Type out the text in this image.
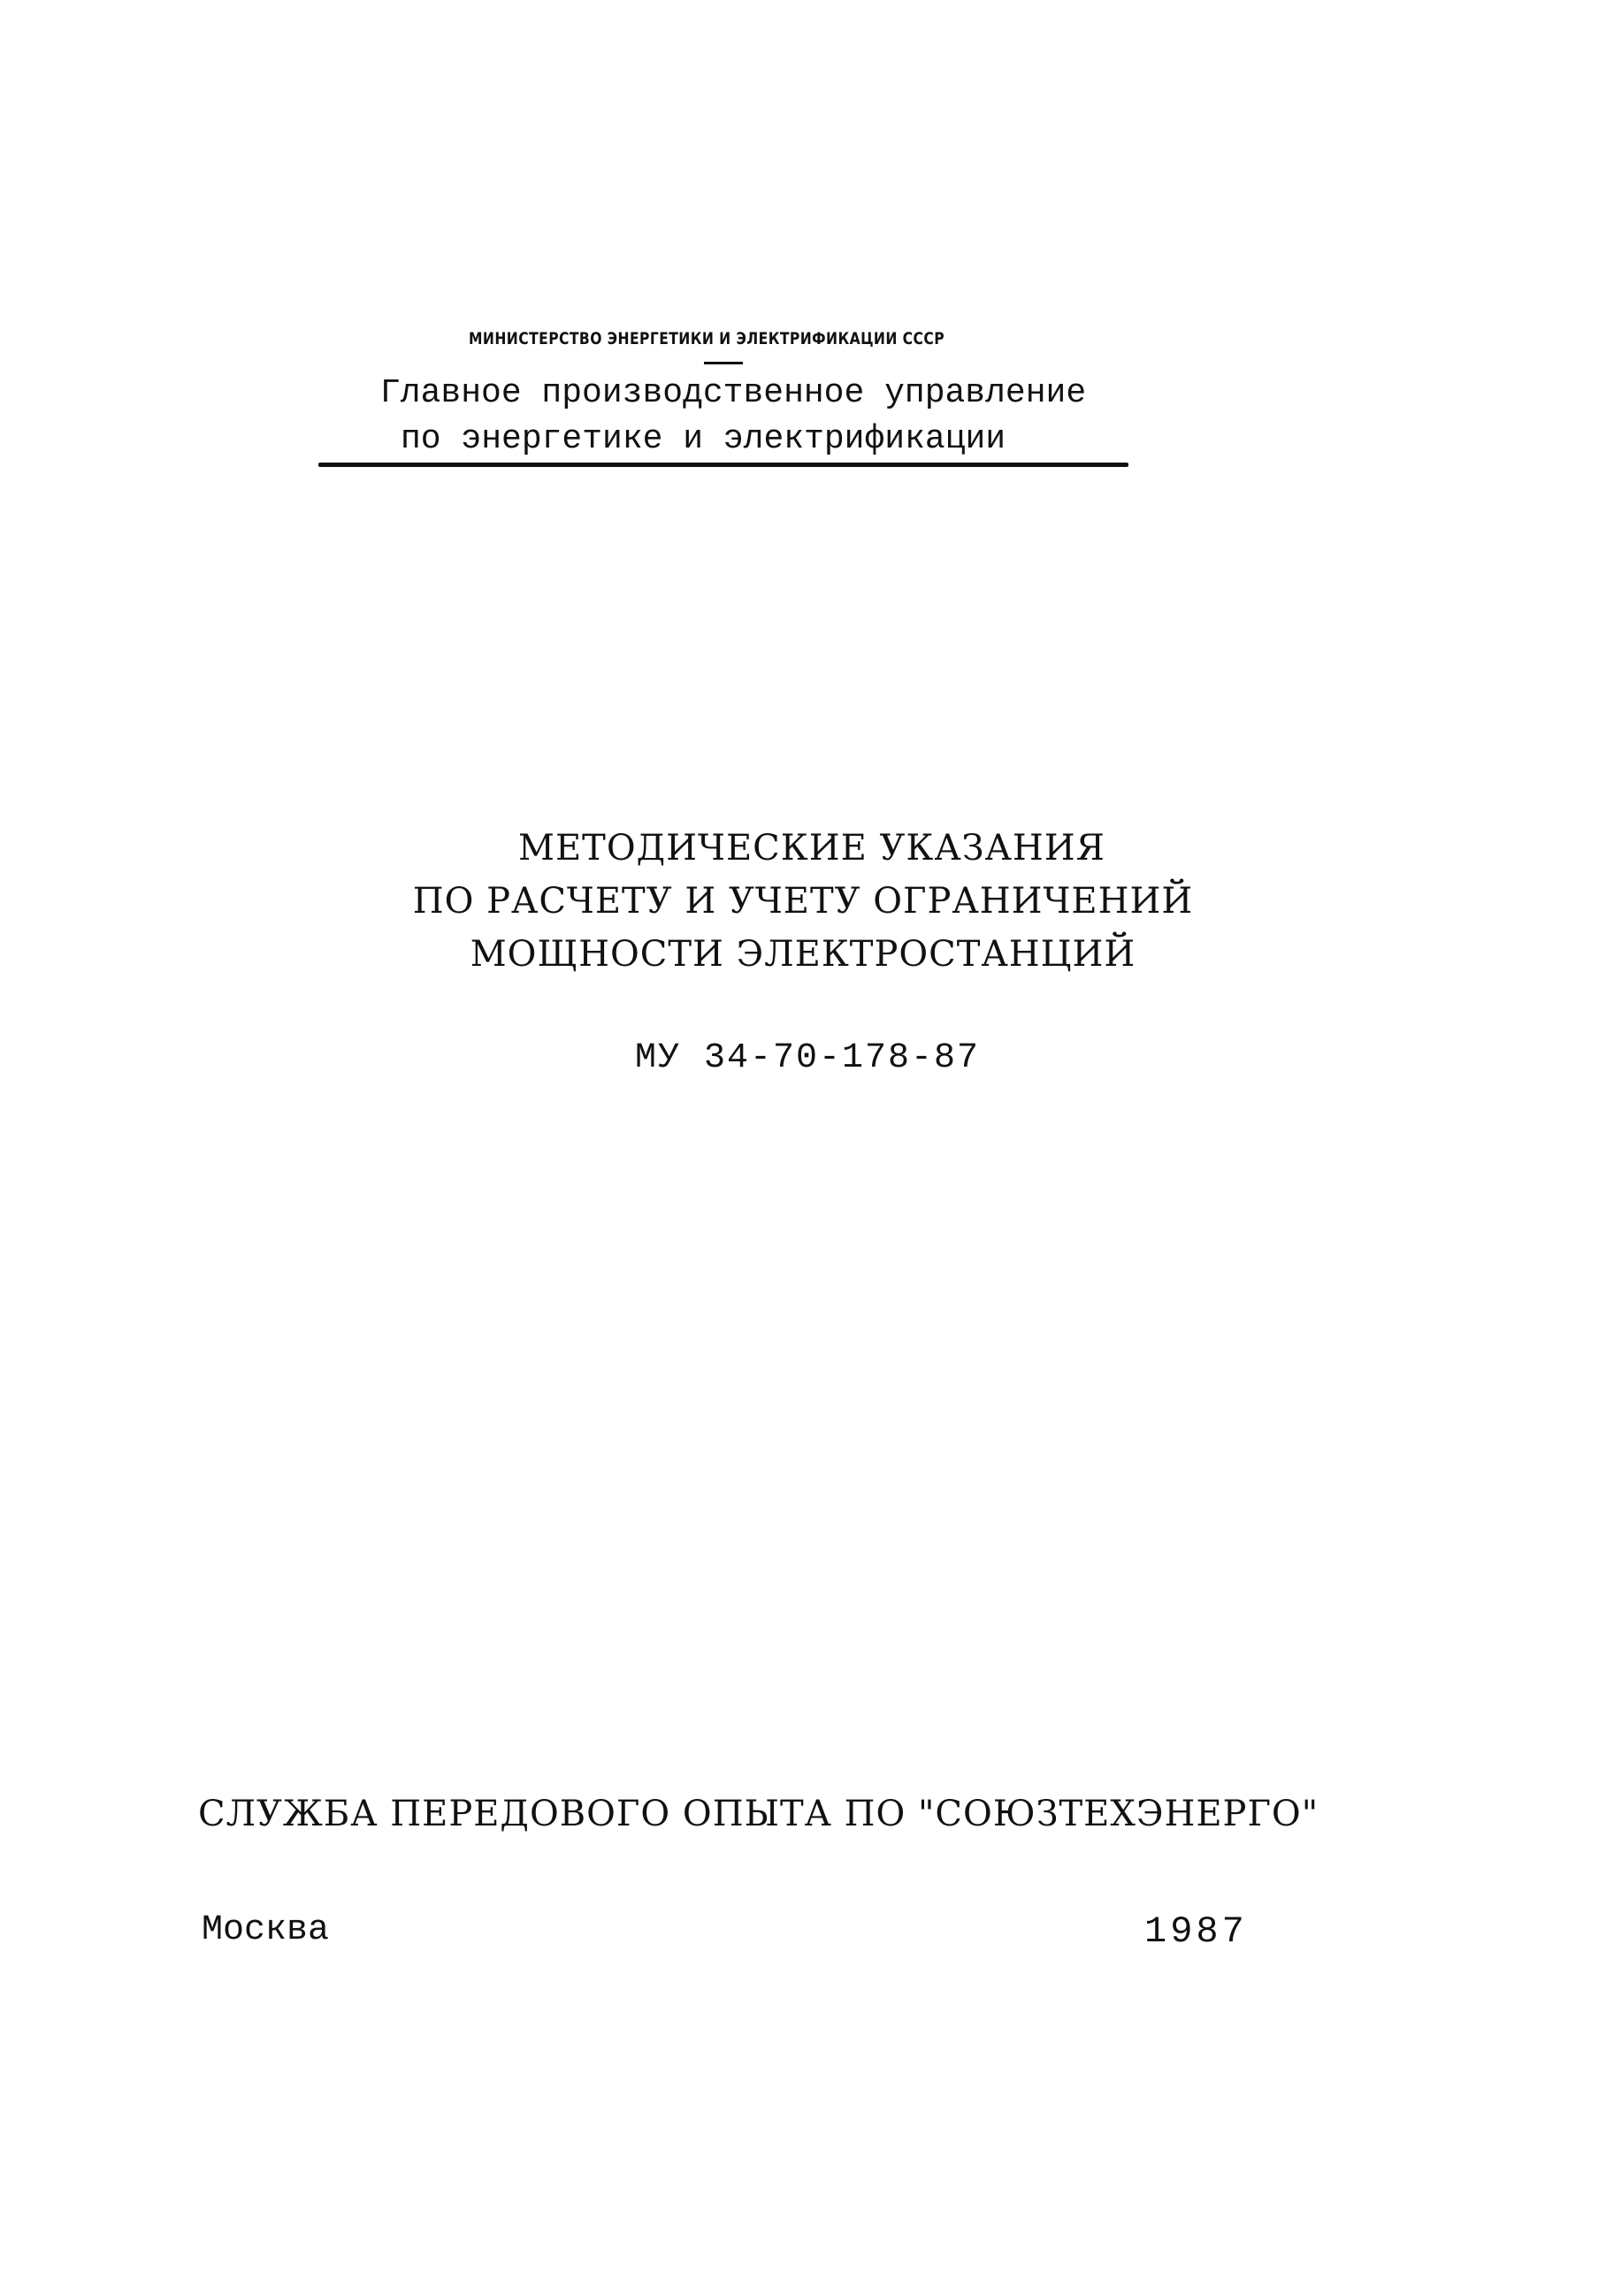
МИНИСТЕРСТВО ЭНЕРГЕТИКИ И ЭЛЕКТРИФИКАЦИИ СССР
Главное производственное управление
по энергетике и электрификации
МЕТОДИЧЕСКИЕ УКАЗАНИЯ
ПО РАСЧЕТУ И УЧЕТУ ОГРАНИЧЕНИЙ
МОЩНОСТИ ЭЛЕКТРОСТАНЦИЙ
МУ 34-70-178-87
СЛУЖБА ПЕРЕДОВОГО ОПЫТА ПО "СОЮЗТЕХЭНЕРГО"
Москва	1987
